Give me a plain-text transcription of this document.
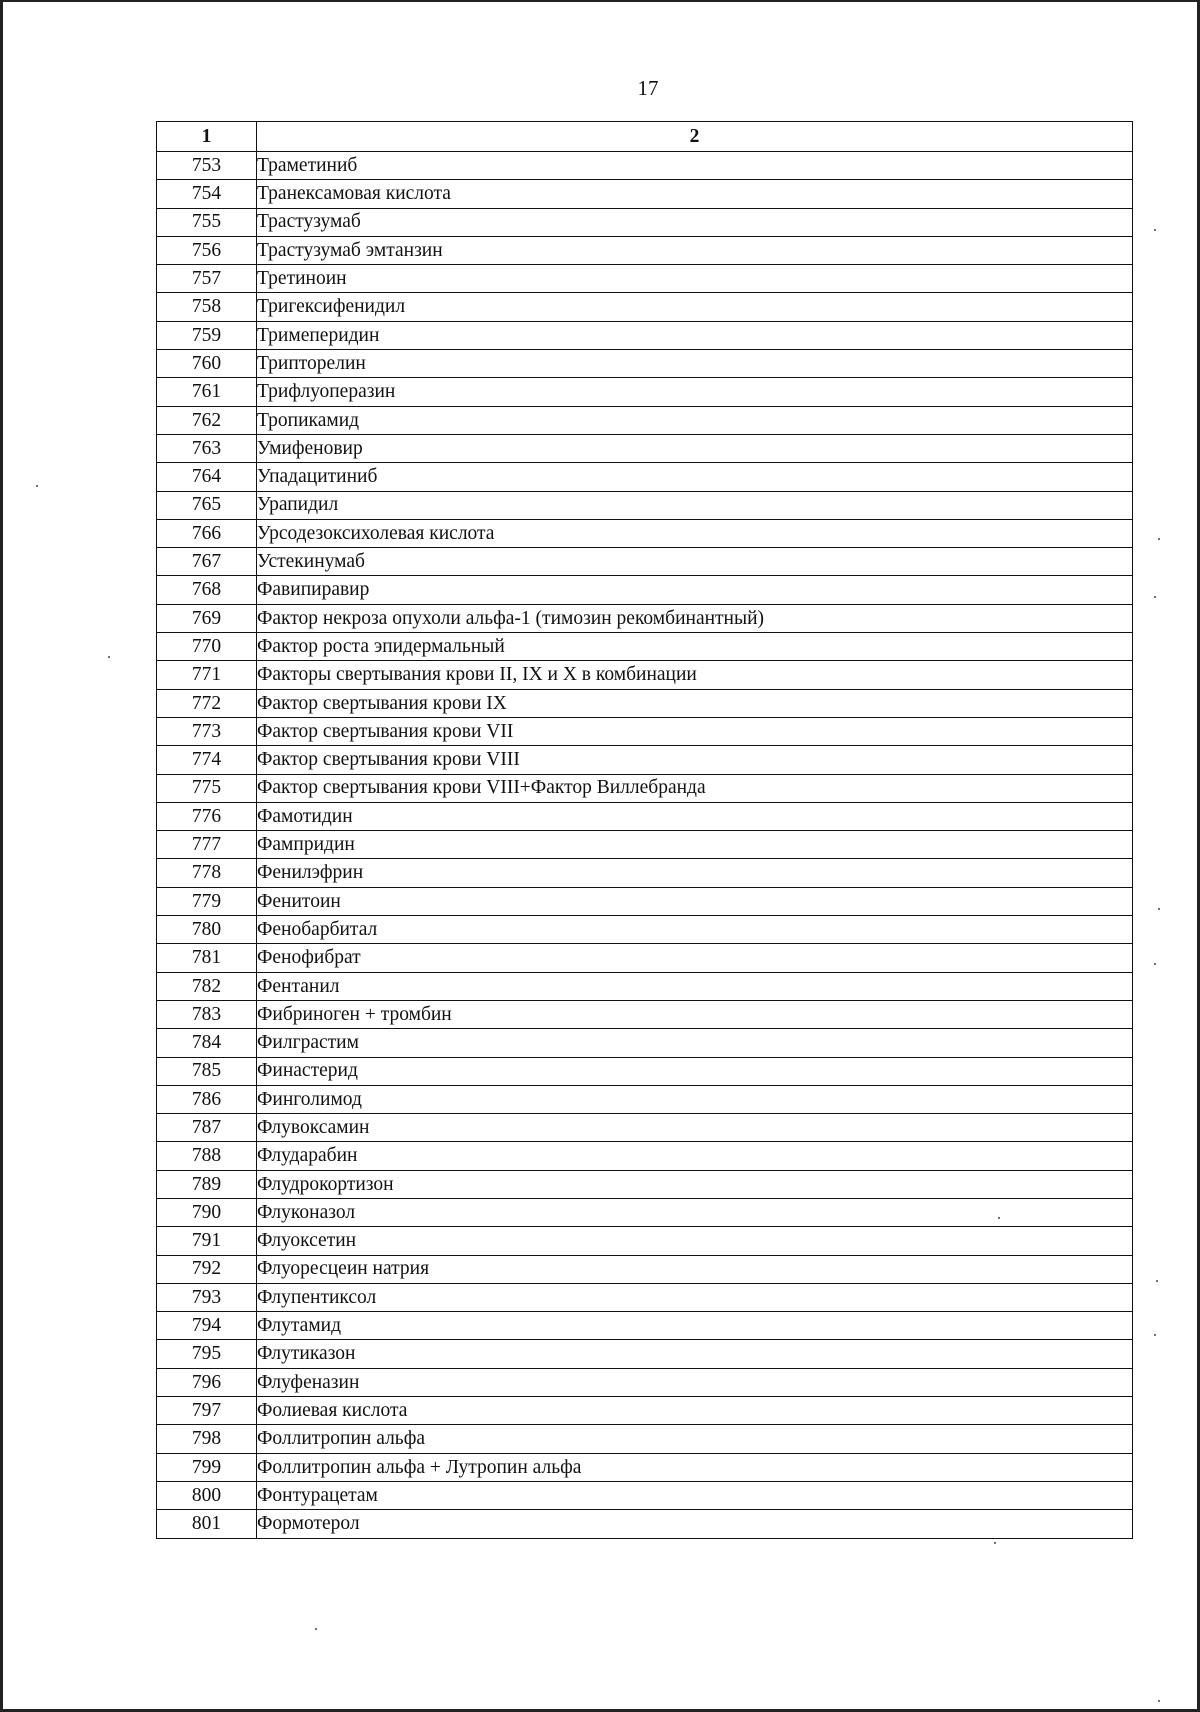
17
1	2
753	Траметиниб
754	Транексамовая кислота
755	Трастузумаб
756	Трастузумаб эмтанзин
757	Третиноин
758	Тригексифенидил
759	Тримеперидин
760	Трипторелин
761	Трифлуоперазин
762	Тропикамид
763	Умифеновир
764	Упадацитиниб
765	Урапидил
766	Урсодезоксихолевая кислота
767	Устекинумаб
768	Фавипиравир
769	Фактор некроза опухоли альфа-1 (тимозин рекомбинантный)
770	Фактор роста эпидермальный
771	Факторы свертывания крови II, IX и X в комбинации
772	Фактор свертывания крови IX
773	Фактор свертывания крови VII
774	Фактор свертывания крови VIII
775	Фактор свертывания крови VIII+Фактор Виллебранда
776	Фамотидин
777	Фампридин
778	Фенилэфрин
779	Фенитоин
780	Фенобарбитал
781	Фенофибрат
782	Фентанил
783	Фибриноген + тромбин
784	Филграстим
785	Финастерид
786	Финголимод
787	Флувоксамин
788	Флударабин
789	Флудрокортизон
790	Флуконазол
791	Флуоксетин
792	Флуоресцеин натрия
793	Флупентиксол
794	Флутамид
795	Флутиказон
796	Флуфеназин
797	Фолиевая кислота
798	Фоллитропин альфа
799	Фоллитропин альфа + Лутропин альфа
800	Фонтурацетам
801	Формотерол
